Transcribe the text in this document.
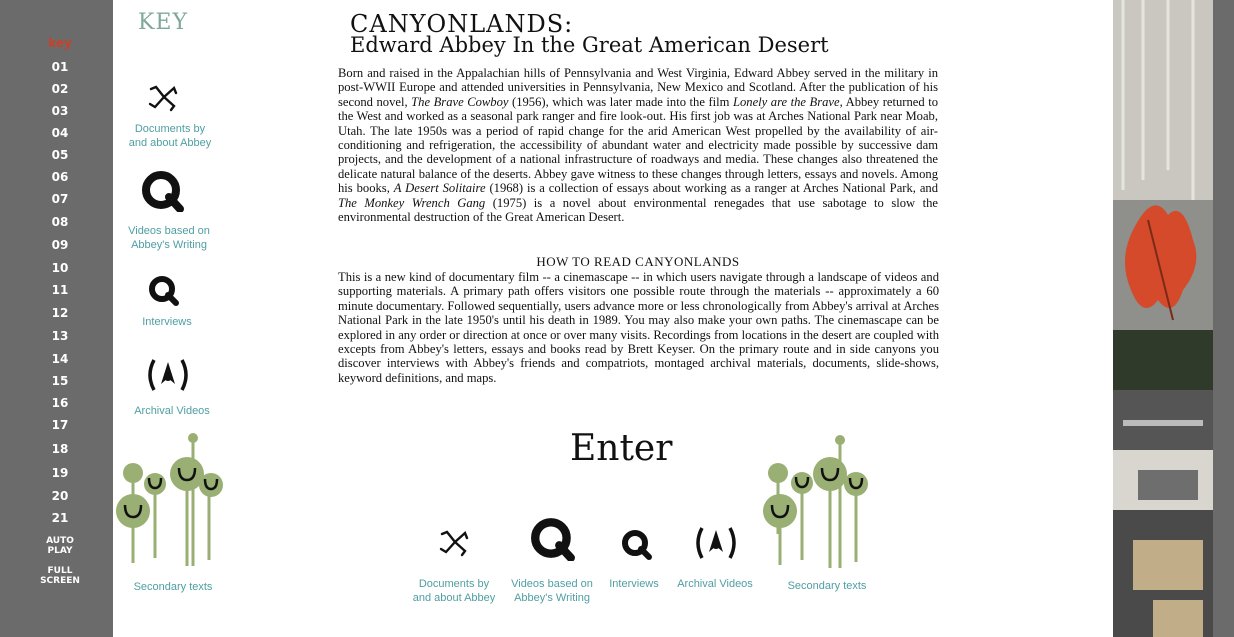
key
01
02
03
04
05
06
07
08
09
10
11
12
13
14
15
16
17
18
19
20
21
AUTO
PLAY
FULL
SCREEN
KEY
Documents by
and about Abbey
Videos based on
Abbey's Writing
Interviews
Archival Videos
Secondary texts
CANYONLANDS:
Edward Abbey In the Great American Desert
Born and raised in the Appalachian hills of Pennsylvania and West Virginia, Edward Abbey served in the military in post-WWII Europe and attended universities in Pennsylvania, New Mexico and Scotland. After the publication of his second novel, The Brave Cowboy (1956), which was later made into the film Lonely are the Brave, Abbey returned to the West and worked as a seasonal park ranger and fire look-out. His first job was at Arches National Park near Moab, Utah. The late 1950s was a period of rapid change for the arid American West propelled by the availability of air-conditioning and refrigeration, the accessibility of abundant water and electricity made possible by successive dam projects, and the development of a national infrastructure of roadways and media. These changes also threatened the delicate natural balance of the deserts. Abbey gave witness to these changes through letters, essays and novels. Among his books, A Desert Solitaire (1968) is a collection of essays about working as a ranger at Arches National Park, and The Monkey Wrench Gang (1975) is a novel about environmental renegades that use sabotage to slow the environmental destruction of the Great American Desert.
HOW TO READ CANYONLANDS
This is a new kind of documentary film -- a cinemascape -- in which users navigate through a landscape of videos and supporting materials. A primary path offers visitors one possible route through the materials -- approximately a 60 minute documentary. Followed sequentially, users advance more or less chronologically from Abbey's arrival at Arches National Park in the late 1950's until his death in 1989. You may also make your own paths. The cinemascape can be explored in any order or direction at once or over many visits. Recordings from locations in the desert are coupled with excepts from Abbey's letters, essays and books read by Brett Keyser. On the primary route and in side canyons you discover interviews with Abbey's friends and compatriots, montaged archival materials, documents, slide-shows, keyword definitions, and maps.
Enter
Documents by
and about Abbey
Videos based on
Abbey's Writing
Interviews	Archival Videos	Secondary texts
